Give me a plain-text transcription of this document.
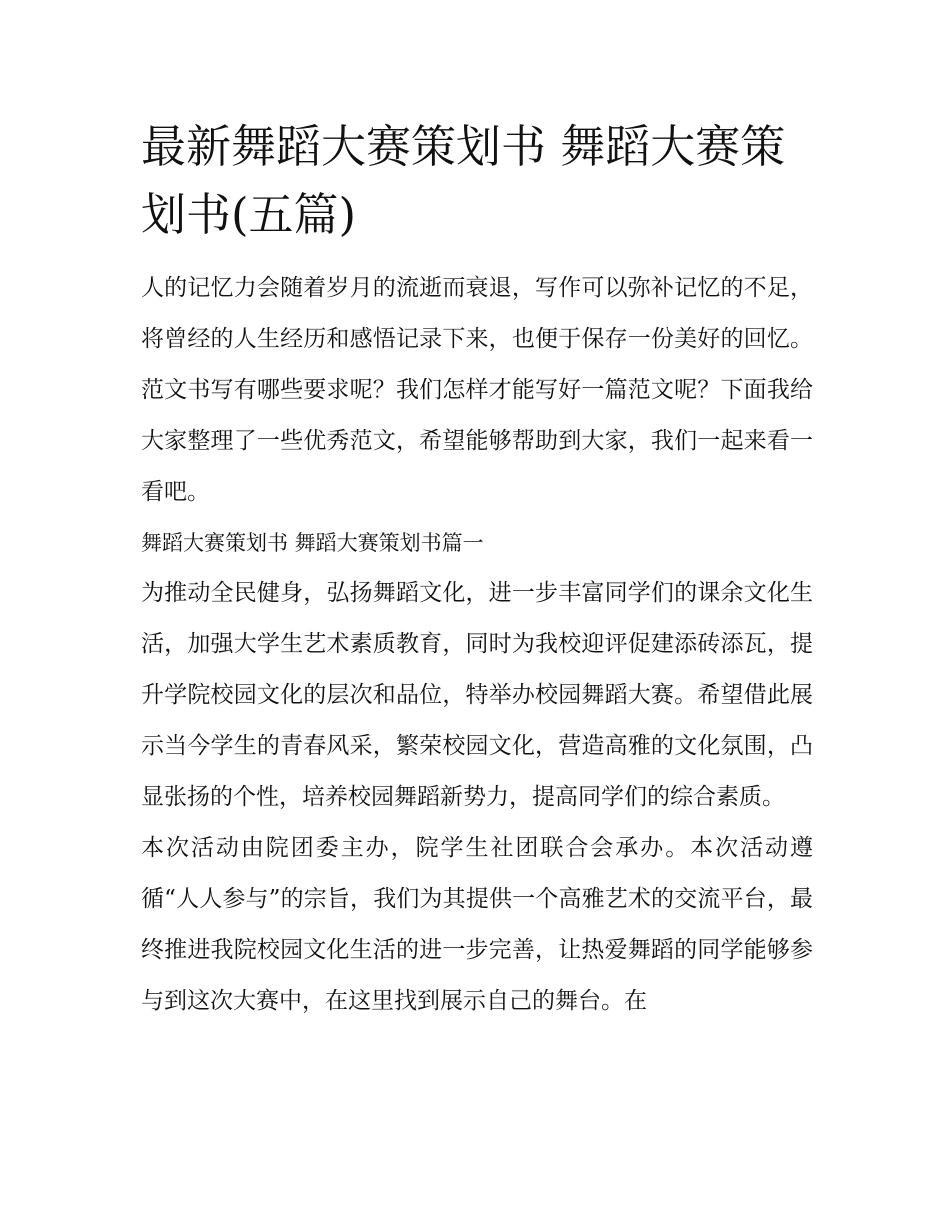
最新舞蹈大赛策划书 舞蹈大赛策划书(五篇)

人的记忆力会随着岁月的流逝而衰退，写作可以弥补记忆的不足，将曾经的人生经历和感悟记录下来，也便于保存一份美好的回忆。范文书写有哪些要求呢？我们怎样才能写好一篇范文呢？下面我给大家整理了一些优秀范文，希望能够帮助到大家，我们一起来看一看吧。

舞蹈大赛策划书 舞蹈大赛策划书篇一

为推动全民健身，弘扬舞蹈文化，进一步丰富同学们的课余文化生活，加强大学生艺术素质教育，同时为我校迎评促建添砖添瓦，提升学院校园文化的层次和品位，特举办校园舞蹈大赛。希望借此展示当今学生的青春风采，繁荣校园文化，营造高雅的文化氛围，凸显张扬的个性，培养校园舞蹈新势力，提高同学们的综合素质。

本次活动由院团委主办，院学生社团联合会承办。本次活动遵循“人人参与”的宗旨，我们为其提供一个高雅艺术的交流平台，最终推进我院校园文化生活的进一步完善，让热爱舞蹈的同学能够参与到这次大赛中，在这里找到展示自己的舞台。在
